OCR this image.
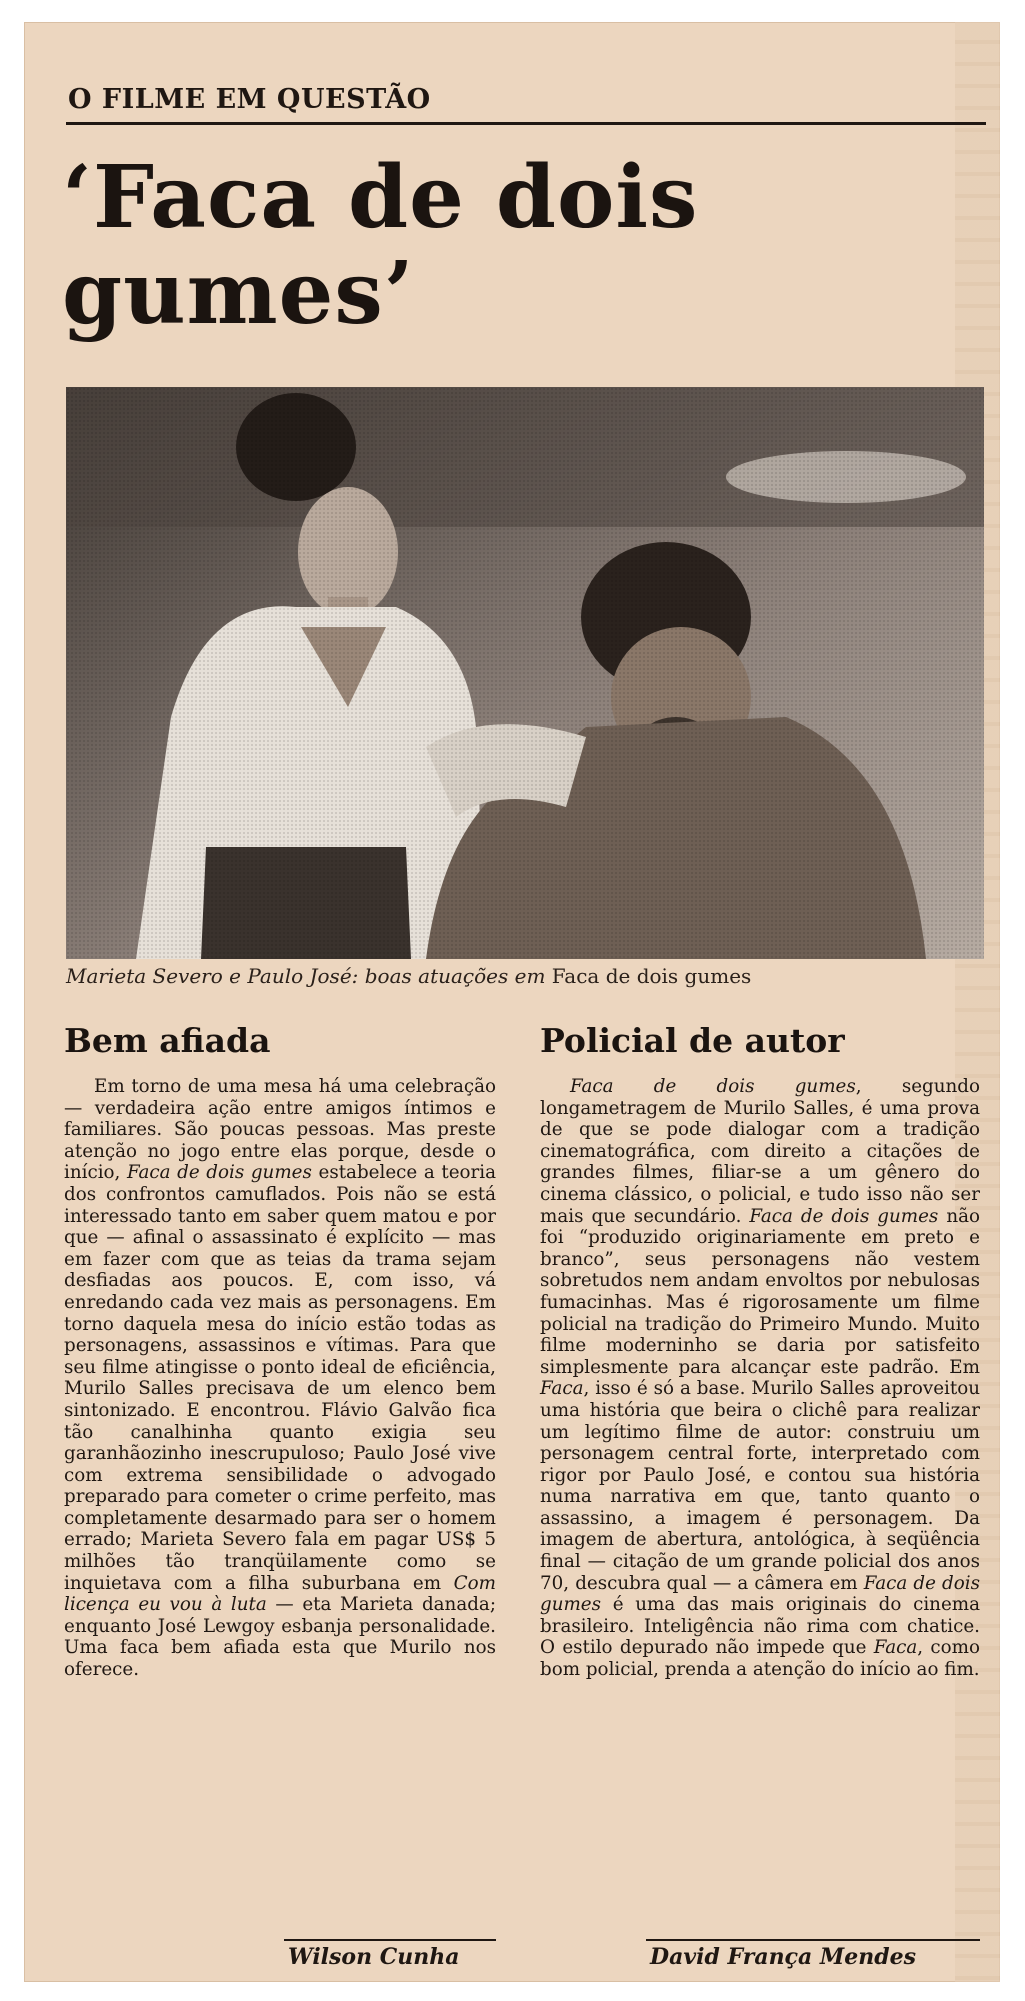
O FILME EM QUESTÃO
‘Faca de dois gumes’
Marieta Severo e Paulo José: boas atuações em Faca de dois gumes
Bem afiada

Em torno de uma mesa há uma celebração — verdadeira ação entre amigos íntimos e familiares. São poucas pessoas. Mas preste atenção no jogo entre elas porque, desde o início, Faca de dois gumes estabelece a teoria dos confrontos camuflados. Pois não se está interessado tanto em saber quem matou e por que — afinal o assassinato é explícito — mas em fazer com que as teias da trama sejam desfiadas aos poucos. E, com isso, vá enredando cada vez mais as personagens. Em torno daquela mesa do início estão todas as personagens, assassinos e vítimas. Para que seu filme atingisse o ponto ideal de eficiência, Murilo Salles precisava de um elenco bem sintonizado. E encontrou. Flávio Galvão fica tão canalhinha quanto exigia seu garanhãozinho inescrupuloso; Paulo José vive com extrema sensibilidade o advogado preparado para cometer o crime perfeito, mas completamente desarmado para ser o homem errado; Marieta Severo fala em pagar US$ 5 milhões tão tranqüilamente como se inquietava com a filha suburbana em Com licença eu vou à luta — eta Marieta danada; enquanto José Lewgoy esbanja personalidade. Uma faca bem afiada esta que Murilo nos oferece.

Policial de autor

Faca de dois gumes, segundo longametragem de Murilo Salles, é uma prova de que se pode dialogar com a tradição cinematográfica, com direito a citações de grandes filmes, filiar-se a um gênero do cinema clássico, o policial, e tudo isso não ser mais que secundário. Faca de dois gumes não foi “produzido originariamente em preto e branco”, seus personagens não vestem sobretudos nem andam envoltos por nebulosas fumacinhas. Mas é rigorosamente um filme policial na tradição do Primeiro Mundo. Muito filme moderninho se daria por satisfeito simplesmente para alcançar este padrão. Em Faca, isso é só a base. Murilo Salles aproveitou uma história que beira o clichê para realizar um legítimo filme de autor: construiu um personagem central forte, interpretado com rigor por Paulo José, e contou sua história numa narrativa em que, tanto quanto o assassino, a imagem é personagem. Da imagem de abertura, antológica, à seqüência final — citação de um grande policial dos anos 70, descubra qual — a câmera em Faca de dois gumes é uma das mais originais do cinema brasileiro. Inteligência não rima com chatice. O estilo depurado não impede que Faca, como bom policial, prenda a atenção do início ao fim.

Wilson Cunha	David França Mendes
